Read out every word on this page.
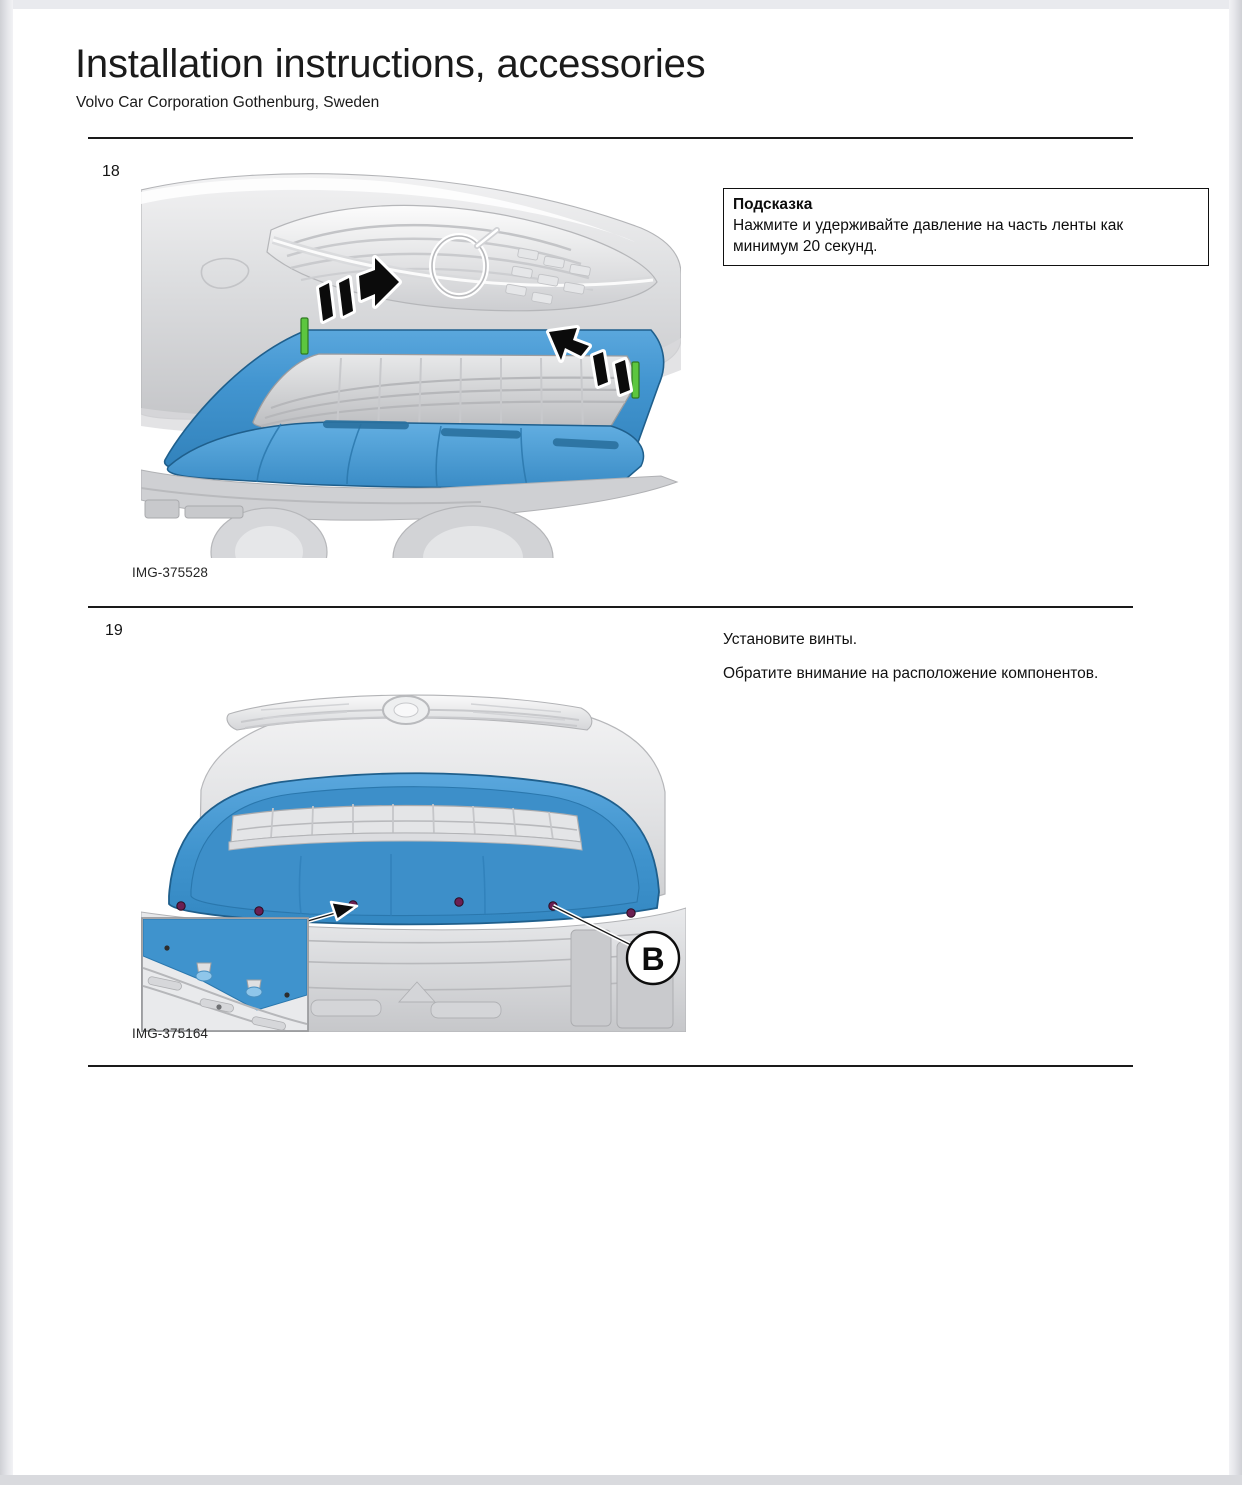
Installation instructions, accessories
Volvo Car Corporation Gothenburg, Sweden
18
IMG-375528
Подсказка
Нажмите и удерживайте давление на часть ленты как минимум 20 секунд.
19
Установите винты.
Обратите внимание на расположение компонентов.
B
IMG-375164
